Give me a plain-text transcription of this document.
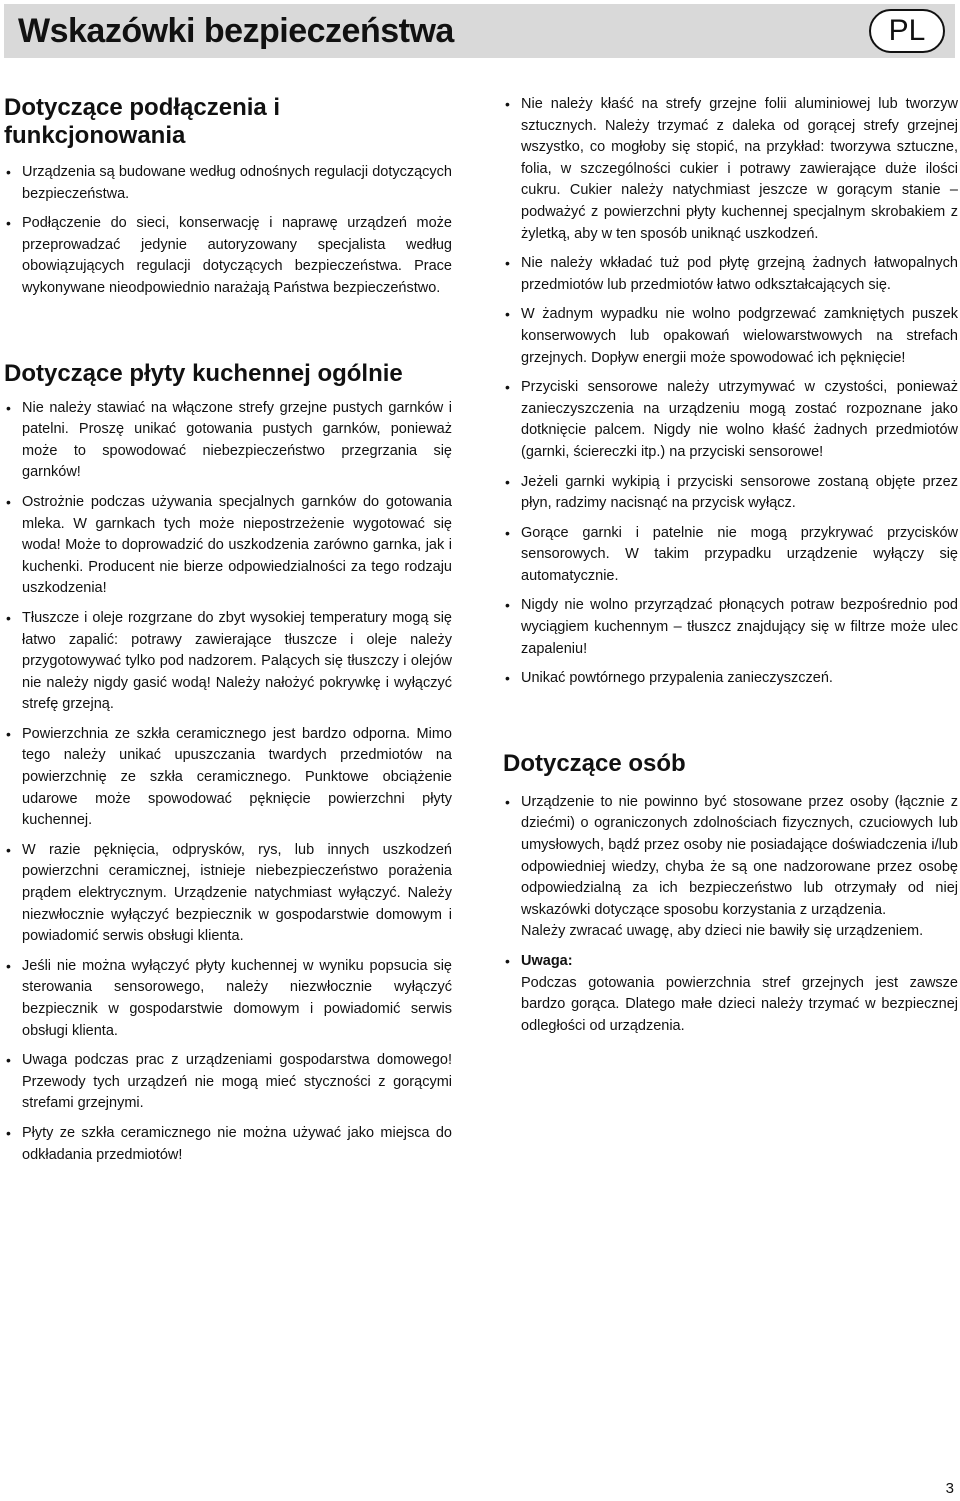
Wskazówki bezpieczeństwa	PL
Dotyczące podłączenia i funkcjonowania
• Urządzenia są budowane według odnośnych regulacji dotyczących bezpieczeństwa.
• Podłączenie do sieci, konserwację i naprawę urządzeń może przeprowadzać jedynie autoryzowany specjalista według obowiązujących regulacji dotyczących bezpieczeństwa. Prace wykonywane nieodpowiednio narażają Państwa bezpieczeństwo.
Dotyczące płyty kuchennej ogólnie
• Nie należy stawiać na włączone strefy grzejne pustych garnków i patelni. Proszę unikać gotowania pustych garnków, ponieważ może to spowodować niebezpieczeństwo przegrzania się garnków!
• Ostrożnie podczas używania specjalnych garnków do gotowania mleka. W garnkach tych może niepostrzeżenie wygotować się woda! Może to doprowadzić do uszkodzenia zarówno garnka, jak i kuchenki. Producent nie bierze odpowiedzialności za tego rodzaju uszkodzenia!
• Tłuszcze i oleje rozgrzane do zbyt wysokiej temperatury mogą się łatwo zapalić: potrawy zawierające tłuszcze i oleje należy przygotowywać tylko pod nadzorem. Palących się tłuszczy i olejów nie należy nigdy gasić wodą! Należy nałożyć pokrywkę i wyłączyć strefę grzejną.
• Powierzchnia ze szkła ceramicznego jest bardzo odporna. Mimo tego należy unikać upuszczania twardych przedmiotów na powierzchnię ze szkła ceramicznego. Punktowe obciążenie udarowe może spowodować pęknięcie powierzchni płyty kuchennej.
• W razie pęknięcia, odprysków, rys, lub innych uszkodzeń powierzchni ceramicznej, istnieje niebezpieczeństwo porażenia prądem elektrycznym. Urządzenie natychmiast wyłączyć. Należy niezwłocznie wyłączyć bezpiecznik w gospodarstwie domowym i powiadomić serwis obsługi klienta.
• Jeśli nie można wyłączyć płyty kuchennej w wyniku popsucia się sterowania sensorowego, należy niezwłocznie wyłączyć bezpiecznik w gospodarstwie domowym i powiadomić serwis obsługi klienta.
• Uwaga podczas prac z urządzeniami gospodarstwa domowego! Przewody tych urządzeń nie mogą mieć styczności z gorącymi strefami grzejnymi.
• Płyty ze szkła ceramicznego nie można używać jako miejsca do odkładania przedmiotów!
• Nie należy kłaść na strefy grzejne folii aluminiowej lub tworzyw sztucznych. Należy trzymać z daleka od gorącej strefy grzejnej wszystko, co mogłoby się stopić, na przykład: tworzywa sztuczne, folia, w szczególności cukier i potrawy zawierające duże ilości cukru. Cukier należy natychmiast jeszcze w gorącym stanie – podważyć z powierzchni płyty kuchennej specjalnym skrobakiem z żyletką, aby w ten sposób uniknąć uszkodzeń.
• Nie należy wkładać tuż pod płytę grzejną żadnych łatwopalnych przedmiotów lub przedmiotów łatwo odkształcających się.
• W żadnym wypadku nie wolno podgrzewać zamkniętych puszek konserwowych lub opakowań wielowarstwowych na strefach grzejnych. Dopływ energii może spowodować ich pęknięcie!
• Przyciski sensorowe należy utrzymywać w czystości, ponieważ zanieczyszczenia na urządzeniu mogą zostać rozpoznane jako dotknięcie palcem. Nigdy nie wolno kłaść żadnych przedmiotów (garnki, ściereczki itp.) na przyciski sensorowe!
• Jeżeli garnki wykipią i przyciski sensorowe zostaną objęte przez płyn, radzimy nacisnąć na przycisk wyłącz.
• Gorące garnki i patelnie nie mogą przykrywać przycisków sensorowych. W takim przypadku urządzenie wyłączy się automatycznie.
• Nigdy nie wolno przyrządzać płonących potraw bezpośrednio pod wyciągiem kuchennym – tłuszcz znajdujący się w filtrze może ulec zapaleniu!
• Unikać powtórnego przypalenia zanieczyszczeń.
Dotyczące osób
• Urządzenie to nie powinno być stosowane przez osoby (łącznie z dziećmi) o ograniczonych zdolnościach fizycznych, czuciowych lub umysłowych, bądź przez osoby nie posiadające doświadczenia i/lub odpowiedniej wiedzy, chyba że są one nadzorowane przez osobę odpowiedzialną za ich bezpieczeństwo lub otrzymały od niej wskazówki dotyczące sposobu korzystania z urządzenia.
Należy zwracać uwagę, aby dzieci nie bawiły się urządzeniem.
• Uwaga:
Podczas gotowania powierzchnia stref grzejnych jest zawsze bardzo gorąca. Dlatego małe dzieci należy trzymać w bezpiecznej odległości od urządzenia.
3
